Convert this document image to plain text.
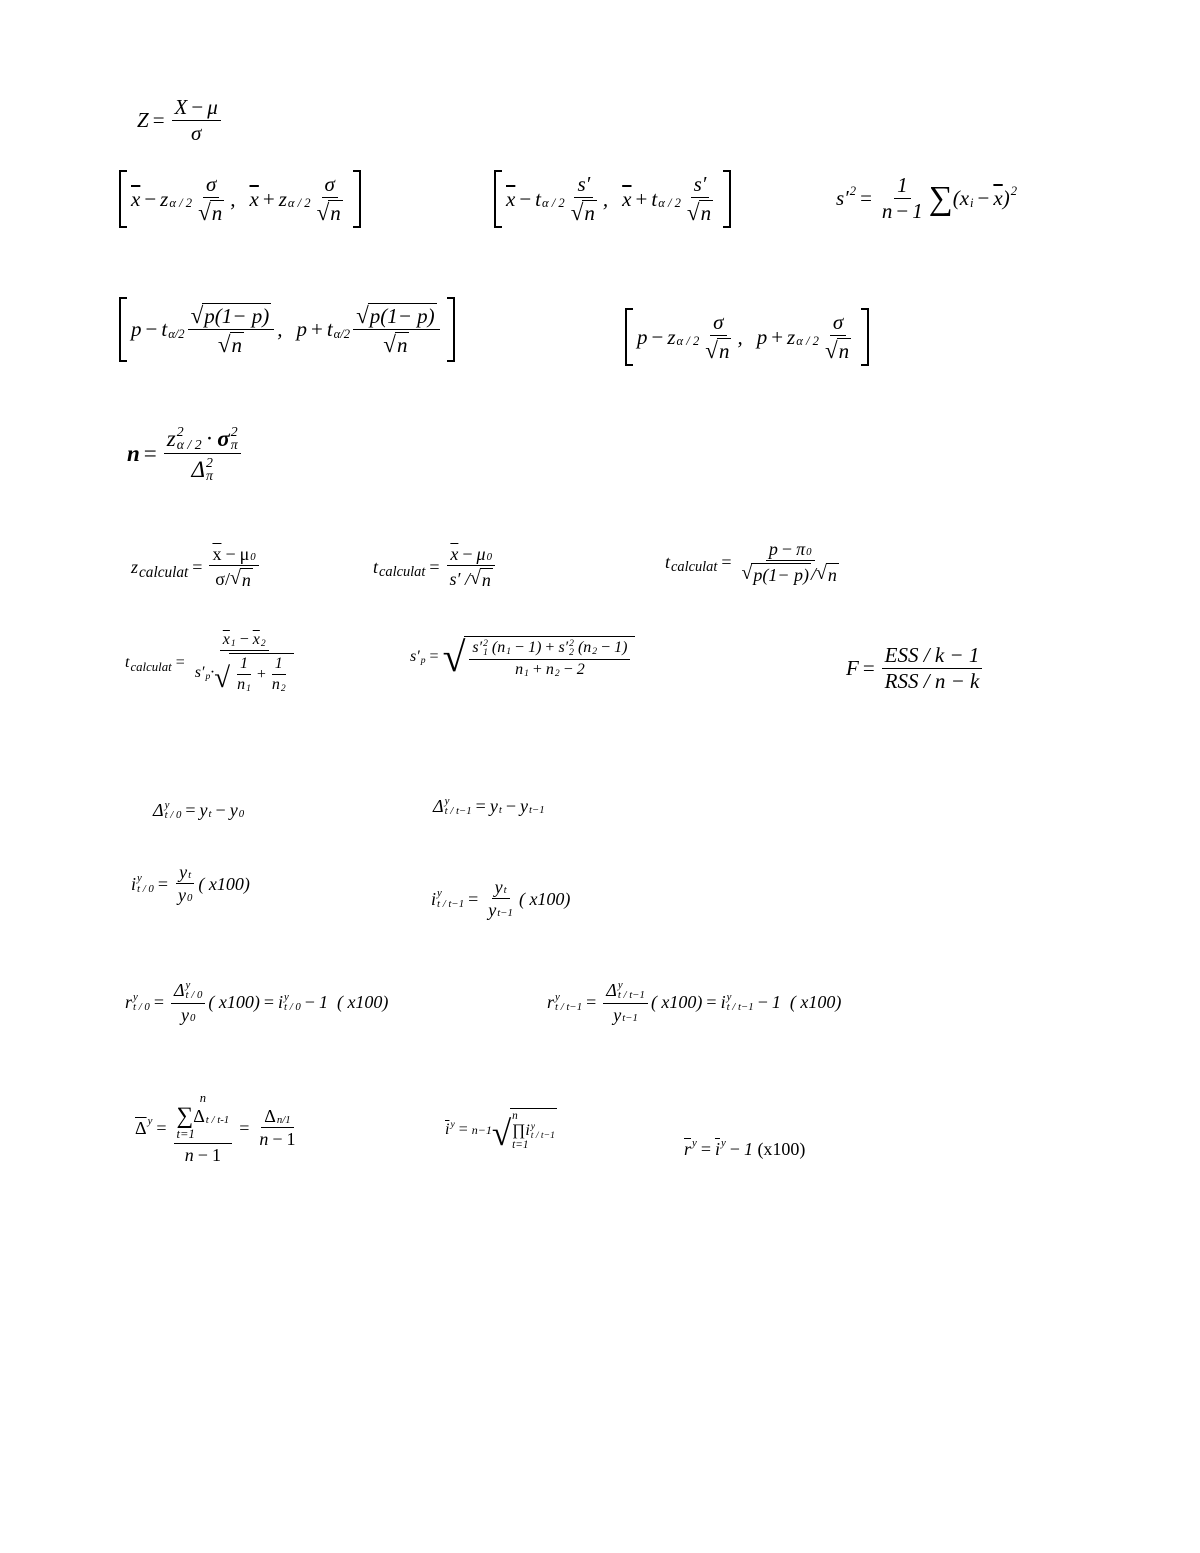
$Z = \frac{X - \mu}{\sigma}$
$\overline{x} - z$ α / $2 \frac{\sigma}{√ n}$ , $\overline{x} + z$ α / $2 \frac{\sigma}{√ n}$	$\overline{x} - t$ α / $2 \frac{s'}{√ n}$ , $\overline{x} + t$ α / $2 \frac{s'}{√ n}$	s′ $2 = \frac{1}{n - 1}$ ∑ ( x $i - \overline{x}$ ) 2
p − t $\alpha/2 \frac{√ p(1- p)}{√ n}$ , p + t $\alpha/2 \frac{√ p(1- p)}{√ n}$	p − z α / $2 \frac{\sigma}{√ n}$ , p + z α / $2 \frac{\sigma}{√ n}$
n = z 2
α / 2 · σ 2
π
Δ 2
π
z calculat = $\frac{\overline{x} - \mu 0}{\sigma/ √ n}$	t calculat = $\frac{\overline{x} - \mu 0}{s' / √ n}$	t calculat = $\frac{p - \pi 0}{√ p(1- p) / √ n}$
t calculat = $\frac{\overline{x} 1 - \overline{x} 2}{s' p \cdot √ \frac{1}{n 1} + \frac{1}{n 2}}$	s′ p = √ s′ 2
1 (n 1 − 1) + s′ 2
2 (n 2 − 1)
n 1 + n 2 − 2	$F = \frac{\text{ESS / k − 1}}{\text{RSS / n − k}}$
Δ y
t / 0 = y t − y 0	Δ y
t / t−1 = y t − y t−1
i y
$t / 0 = \frac{\text{y t}}{y 0}$ ( x100)
i y
$t / t-1 = \frac{\text{y t}}{\text{y t−1}}$ ( x100)
r y
t / 0 = Δ y
t / 0
y 0 ( x100) = i y
t / 0 − 1  ( x100)	r y
t / t−1 = Δ y
t / t−1
y t−1 ( x100) = i y
t / t−1 − 1  ( x100)
$\overline{\Delta}$ y = n
∑ Δ t / t-1
t=1
$n - 1 = \frac{\text{Δ n/1}}{n - 1}$	$\overline{i}$ y = n−1 √ n
∏ i y
t / t−1
t=1	$\overline{r}$ $y = \overline{i}$ y − 1 (x100)
